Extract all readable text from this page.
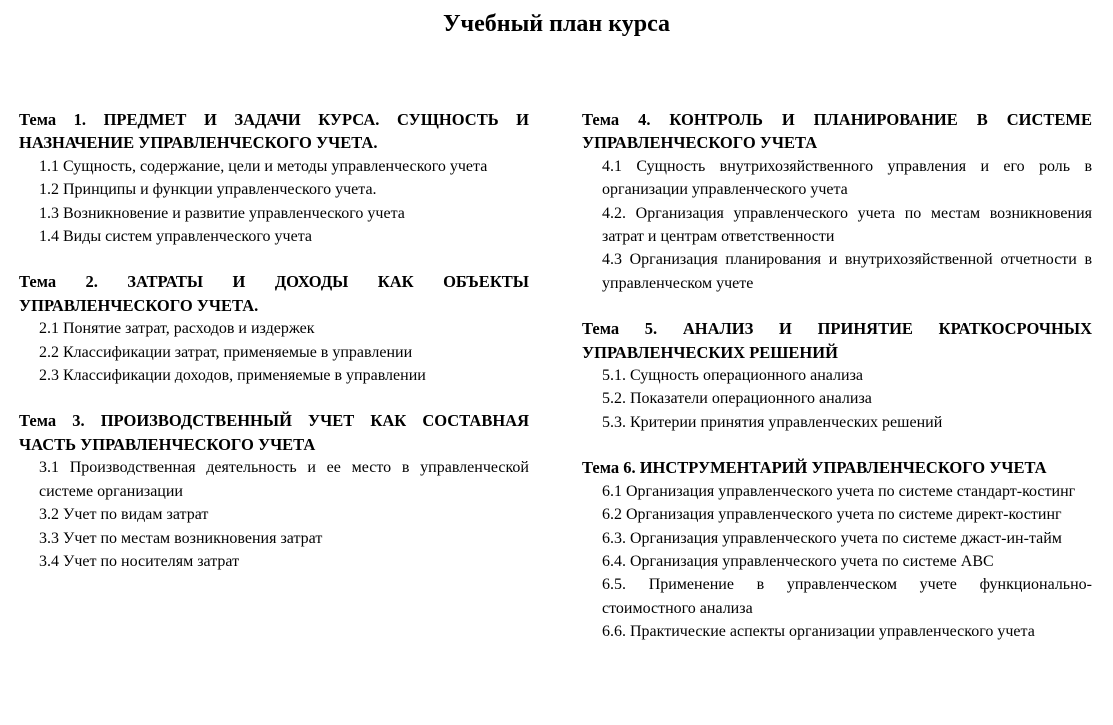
Учебный план курса
Тема 1. ПРЕДМЕТ И ЗАДАЧИ КУРСА. СУЩНОСТЬ И НАЗНАЧЕНИЕ УПРАВЛЕНЧЕСКОГО УЧЕТА.
1.1 Сущность, содержание, цели и методы управленческого учета
1.2 Принципы и функции управленческого учета.
1.3 Возникновение и развитие управленческого учета
1.4 Виды систем управленческого учета
Тема 2. ЗАТРАТЫ И ДОХОДЫ КАК ОБЪЕКТЫ УПРАВЛЕНЧЕСКОГО УЧЕТА.
2.1 Понятие затрат, расходов и издержек
2.2 Классификации затрат, применяемые в управлении
2.3 Классификации доходов, применяемые в управлении
Тема 3. ПРОИЗВОДСТВЕННЫЙ УЧЕТ КАК СОСТАВНАЯ ЧАСТЬ УПРАВЛЕНЧЕСКОГО УЧЕТА
3.1 Производственная деятельность и ее место в управленческой системе организации
3.2 Учет по видам затрат
3.3 Учет по местам возникновения затрат
3.4 Учет по носителям затрат
Тема 4. КОНТРОЛЬ И ПЛАНИРОВАНИЕ В СИСТЕМЕ УПРАВЛЕНЧЕСКОГО УЧЕТА
4.1 Сущность внутрихозяйственного управления и его роль в организации управленческого учета
4.2. Организация управленческого учета по местам возникновения затрат и центрам ответственности
4.3 Организация планирования и внутрихозяйственной отчетности в управленческом учете
Тема 5. АНАЛИЗ И ПРИНЯТИЕ КРАТКОСРОЧНЫХ УПРАВЛЕНЧЕСКИХ РЕШЕНИЙ
5.1. Сущность операционного анализа
5.2. Показатели операционного анализа
5.3. Критерии принятия управленческих решений
Тема 6. ИНСТРУМЕНТАРИЙ УПРАВЛЕНЧЕСКОГО УЧЕТА
6.1 Организация управленческого учета по системе стандарт-костинг
6.2 Организация управленческого учета по системе директ-костинг
6.3. Организация управленческого учета по системе джаст-ин-тайм
6.4. Организация управленческого учета по системе АВС
6.5. Применение в управленческом учете функционально-стоимостного анализа
6.6. Практические аспекты организации управленческого учета
